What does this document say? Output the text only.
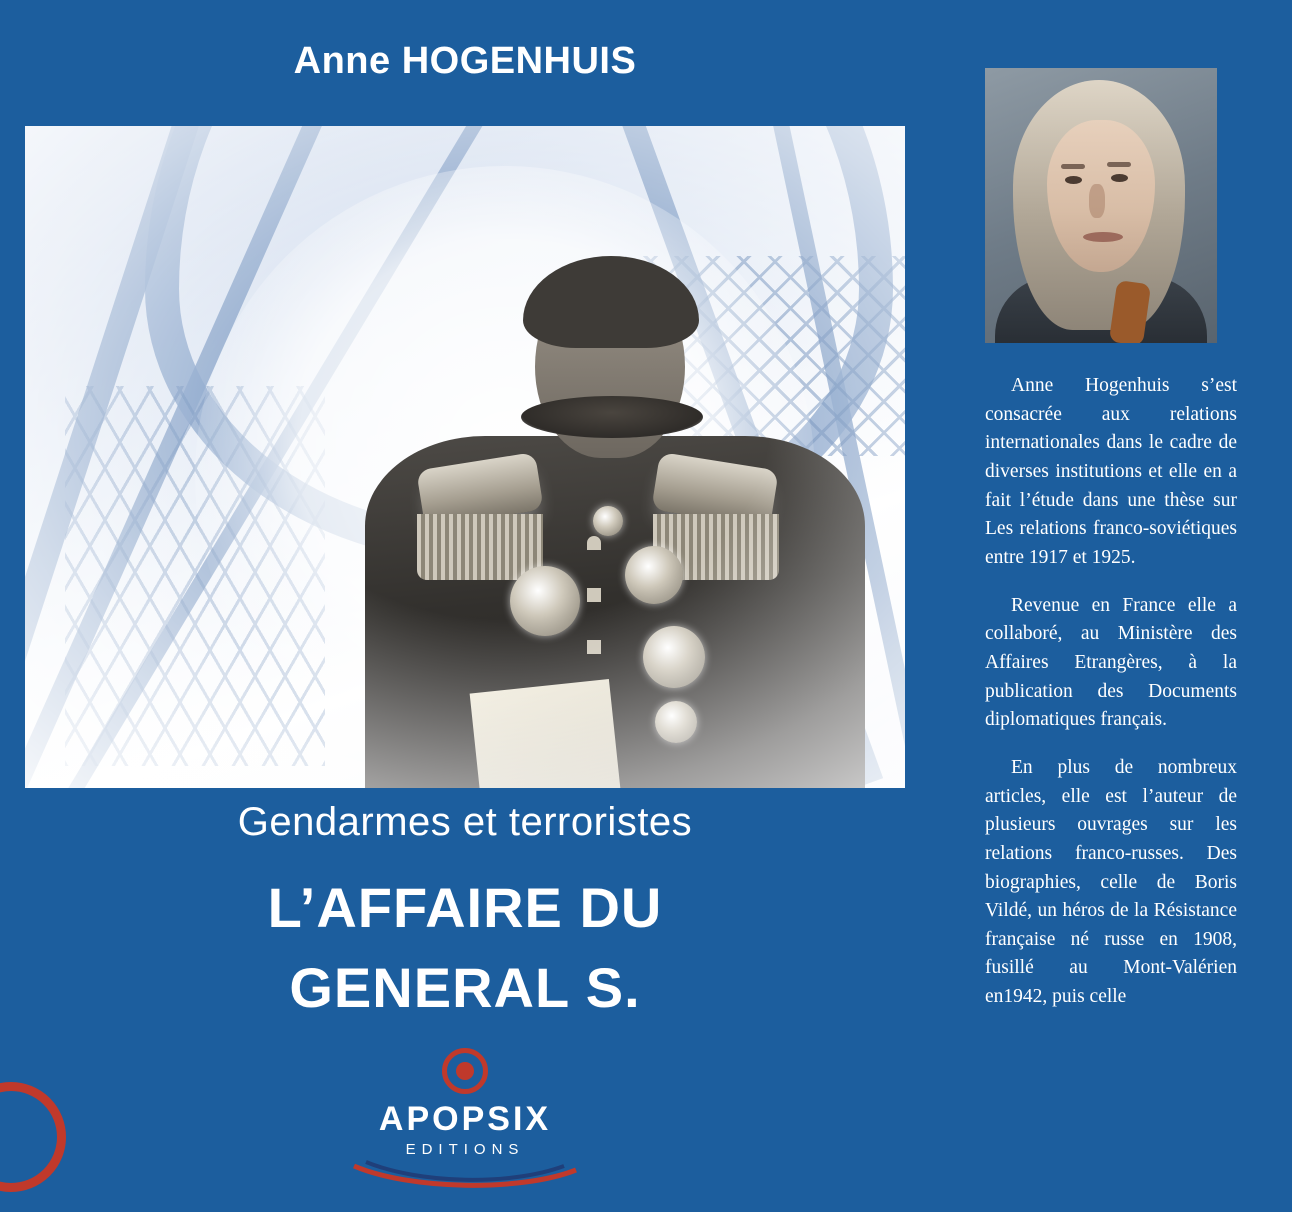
Anne HOGENHUIS
Gendarmes et terroristes
L’AFFAIRE DU
GENERAL S.
APOPSIX
EDITIONS

Anne Hogenhuis s’est consacrée aux relations internationales dans le cadre de diverses institutions et elle en a fait l’étude dans une thèse sur Les relations franco-soviétiques entre 1917 et 1925.

Revenue en France elle a collaboré, au Ministère des Affaires Etrangères, à la publication des Documents diplomatiques français.

En plus de nombreux articles, elle est l’auteur de plusieurs ouvrages sur les relations franco-russes. Des biographies, celle de Boris Vildé, un héros de la Résistance française né russe en 1908, fusillé au Mont-Valérien en1942, puis celle
